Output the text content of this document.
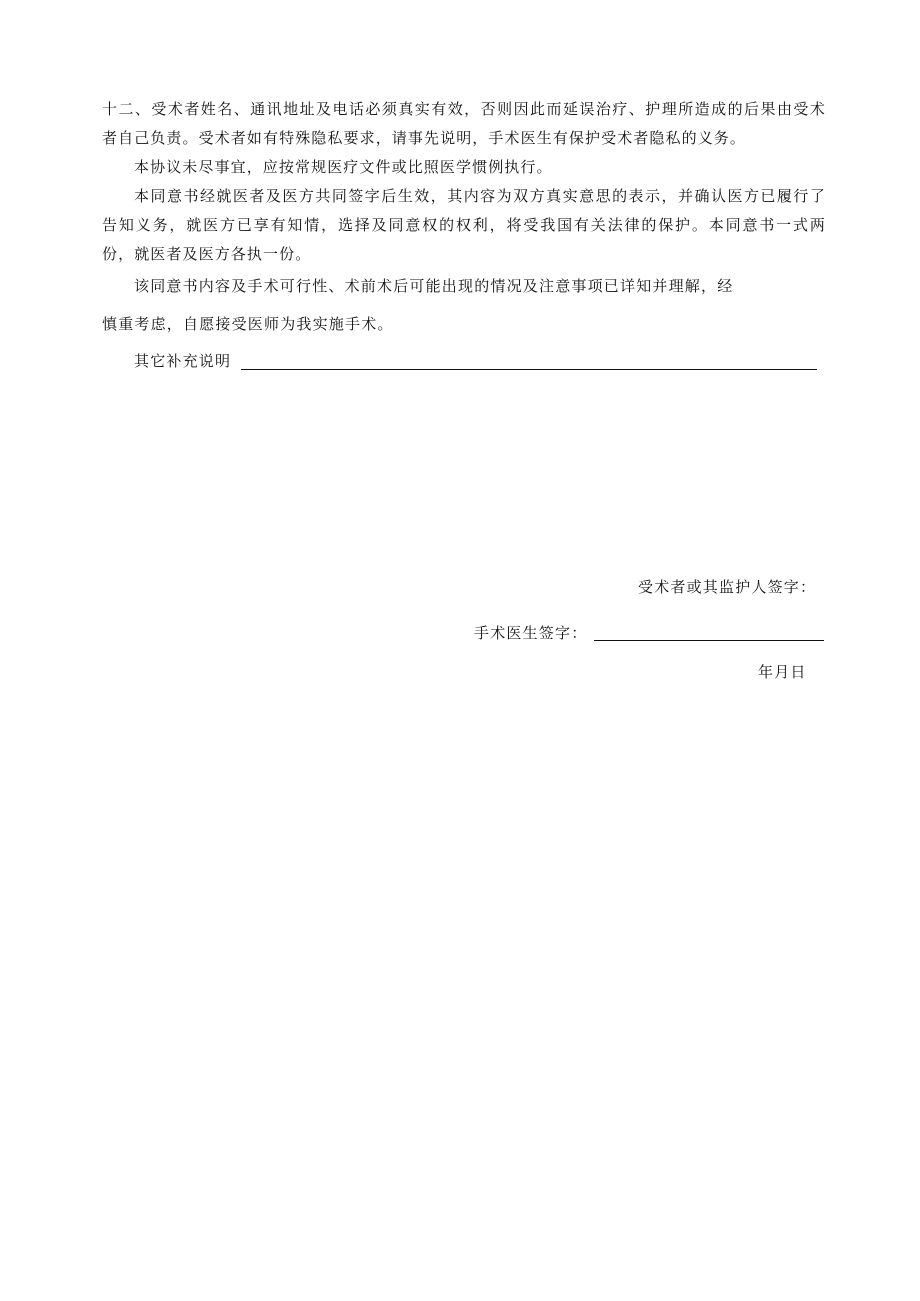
十二、受术者姓名、通讯地址及电话必须真实有效，否则因此而延误治疗、护理所造成的后果由受术者自己负责。受术者如有特殊隐私要求，请事先说明，手术医生有保护受术者隐私的义务。
本协议未尽事宜，应按常规医疗文件或比照医学惯例执行。
本同意书经就医者及医方共同签字后生效，其内容为双方真实意思的表示，并确认医方已履行了告知义务，就医方已享有知情，选择及同意权的权利，将受我国有关法律的保护。本同意书一式两份，就医者及医方各执一份。
该同意书内容及手术可行性、术前术后可能出现的情况及注意事项已详知并理解，经
慎重考虑，自愿接受医师为我实施手术。
其它补充说明
受术者或其监护人签字：
手术医生签字：
年月日
